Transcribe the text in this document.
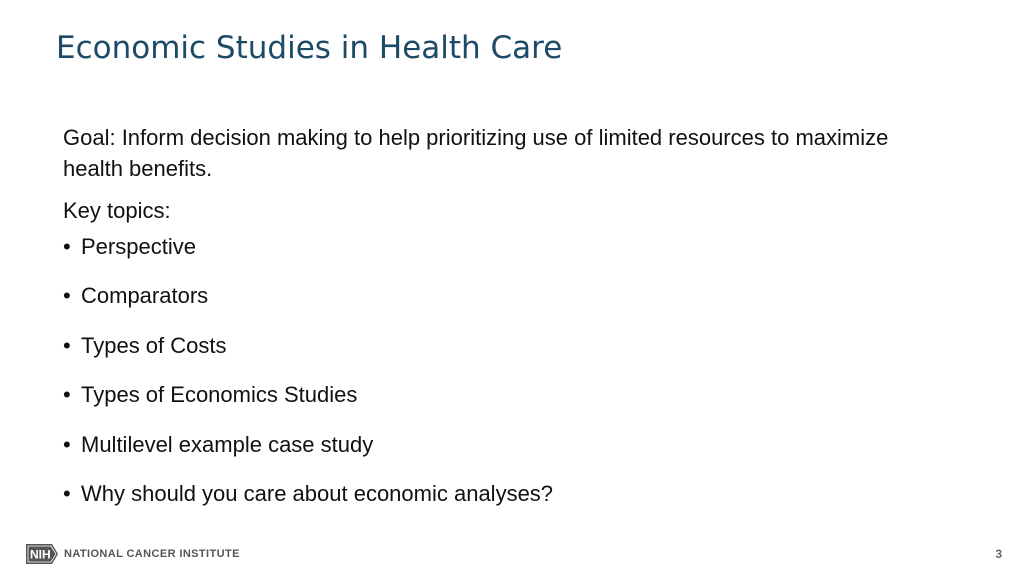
Economic Studies in Health Care

Goal: Inform decision making to help prioritizing use of limited resources to maximize health benefits.

Key topics:

• Perspective
• Comparators
• Types of Costs
• Types of Economics Studies
• Multilevel example case study
• Why should you care about economic analyses?
NIH NATIONAL CANCER INSTITUTE	3
